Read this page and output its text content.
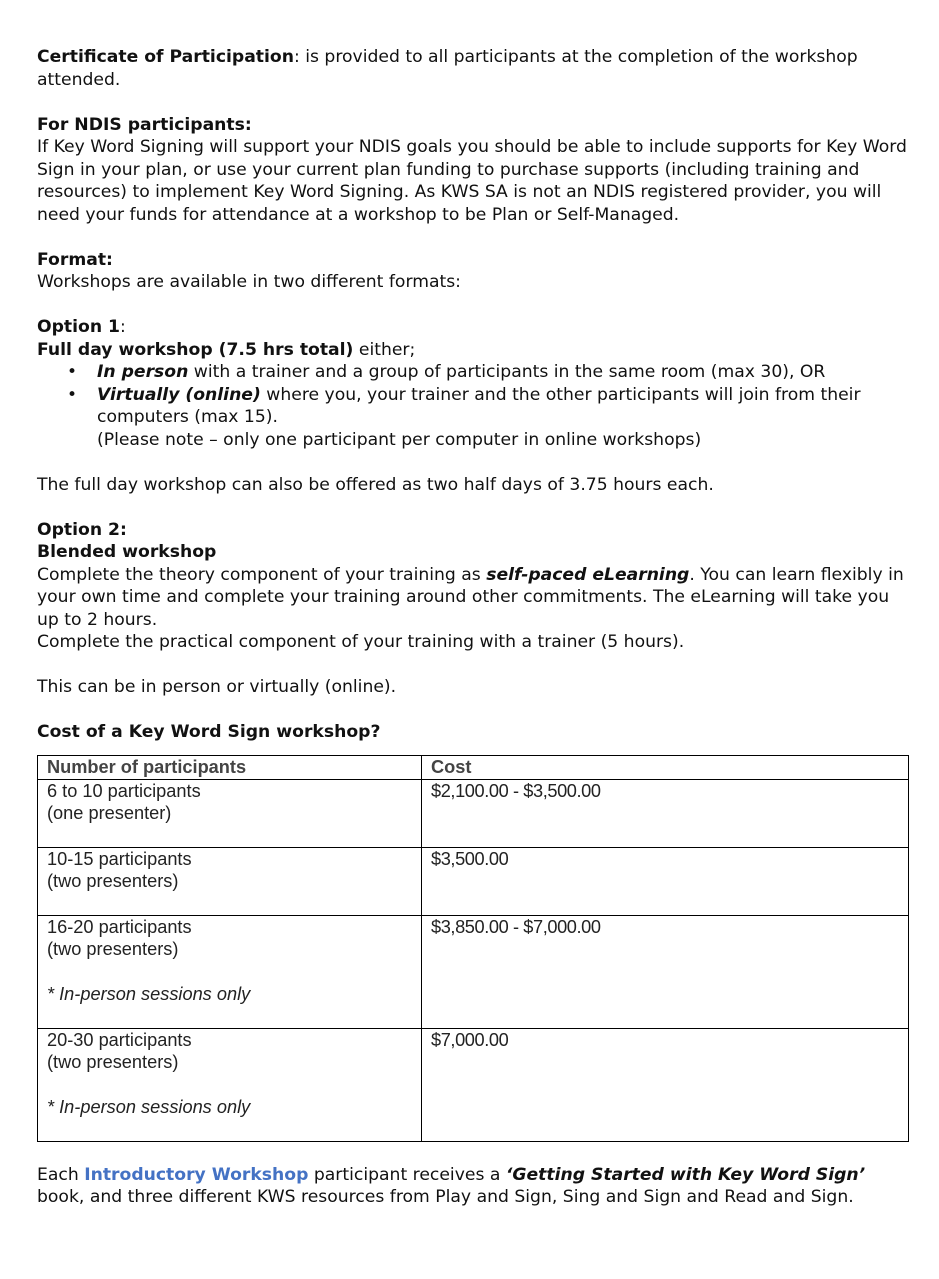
Certificate of Participation: is provided to all participants at the completion of the workshop attended.

For NDIS participants:

If Key Word Signing will support your NDIS goals you should be able to include supports for Key Word Sign in your plan, or use your current plan funding to purchase supports (including training and resources) to implement Key Word Signing. As KWS SA is not an NDIS registered provider, you will need your funds for attendance at a workshop to be Plan or Self-Managed.

Format:

Workshops are available in two different formats:

Option 1:

Full day workshop (7.5 hrs total) either;

• In person with a trainer and a group of participants in the same room (max 30), OR
• Virtually (online) where you, your trainer and the other participants will join from their computers (max 15).

(Please note – only one participant per computer in online workshops)

The full day workshop can also be offered as two half days of 3.75 hours each.

Option 2:

Blended workshop

Complete the theory component of your training as self-paced eLearning. You can learn flexibly in your own time and complete your training around other commitments. The eLearning will take you up to 2 hours.

Complete the practical component of your training with a trainer (5 hours).

This can be in person or virtually (online).

Cost of a Key Word Sign workshop?

Number of participants	Cost

6 to 10 participants
(one presenter)	$2,100.00 - $3,500.00

10-15 participants
(two presenters)	$3,500.00

16-20 participants
(two presenters)
* In-person sessions only	$3,850.00 - $7,000.00

20-30 participants
(two presenters)
* In-person sessions only	$7,000.00

Each Introductory Workshop participant receives a ‘Getting Started with Key Word Sign’ book, and three different KWS resources from Play and Sign, Sing and Sign and Read and Sign.
